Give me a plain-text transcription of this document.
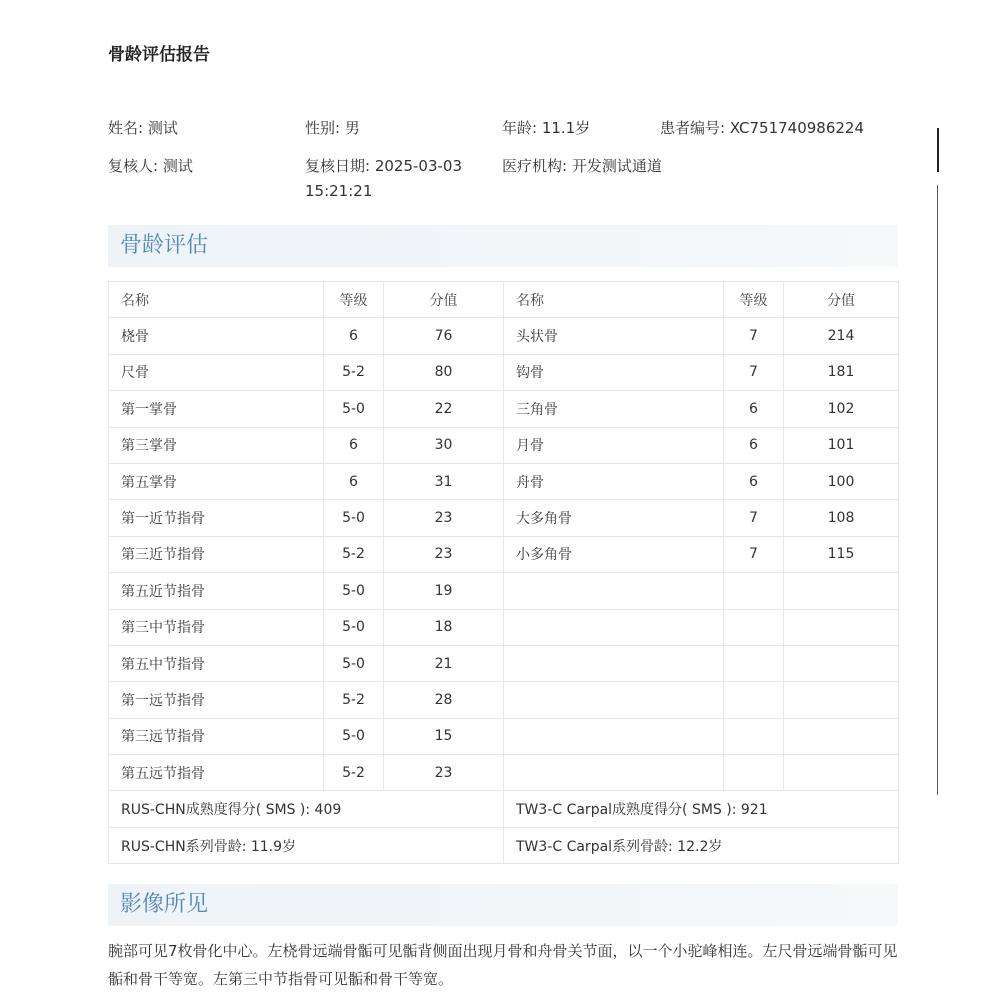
骨龄评估报告
姓名: 测试	性别: 男	年龄: 11.1岁	患者编号: XC751740986224
复核人: 测试	复核日期: 2025-03-03
15:21:21
医疗机构: 开发测试通道
骨龄评估
名称	等级	分值	名称	等级	分值
桡骨	6	76	头状骨	7	214
尺骨	5-2	80	钩骨	7	181
第一掌骨	5-0	22	三角骨	6	102
第三掌骨	6	30	月骨	6	101
第五掌骨	6	31	舟骨	6	100
第一近节指骨	5-0	23	大多角骨	7	108
第三近节指骨	5-2	23	小多角骨	7	115
第五近节指骨	5-0	19			
第三中节指骨	5-0	18			
第五中节指骨	5-0	21			
第一远节指骨	5-2	28			
第三远节指骨	5-0	15			
第五远节指骨	5-2	23			
RUS-CHN成熟度得分( SMS ): 409			TW3-C Carpal成熟度得分( SMS ): 921		
RUS-CHN系列骨龄: 11.9岁			TW3-C Carpal系列骨龄: 12.2岁		
影像所见
腕部可见7枚骨化中心。左桡骨远端骨骺可见骺背侧面出现月骨和舟骨关节面，以一个小驼峰相连。左尺骨远端骨骺可见骺和骨干等宽。左第三中节指骨可见骺和骨干等宽。
